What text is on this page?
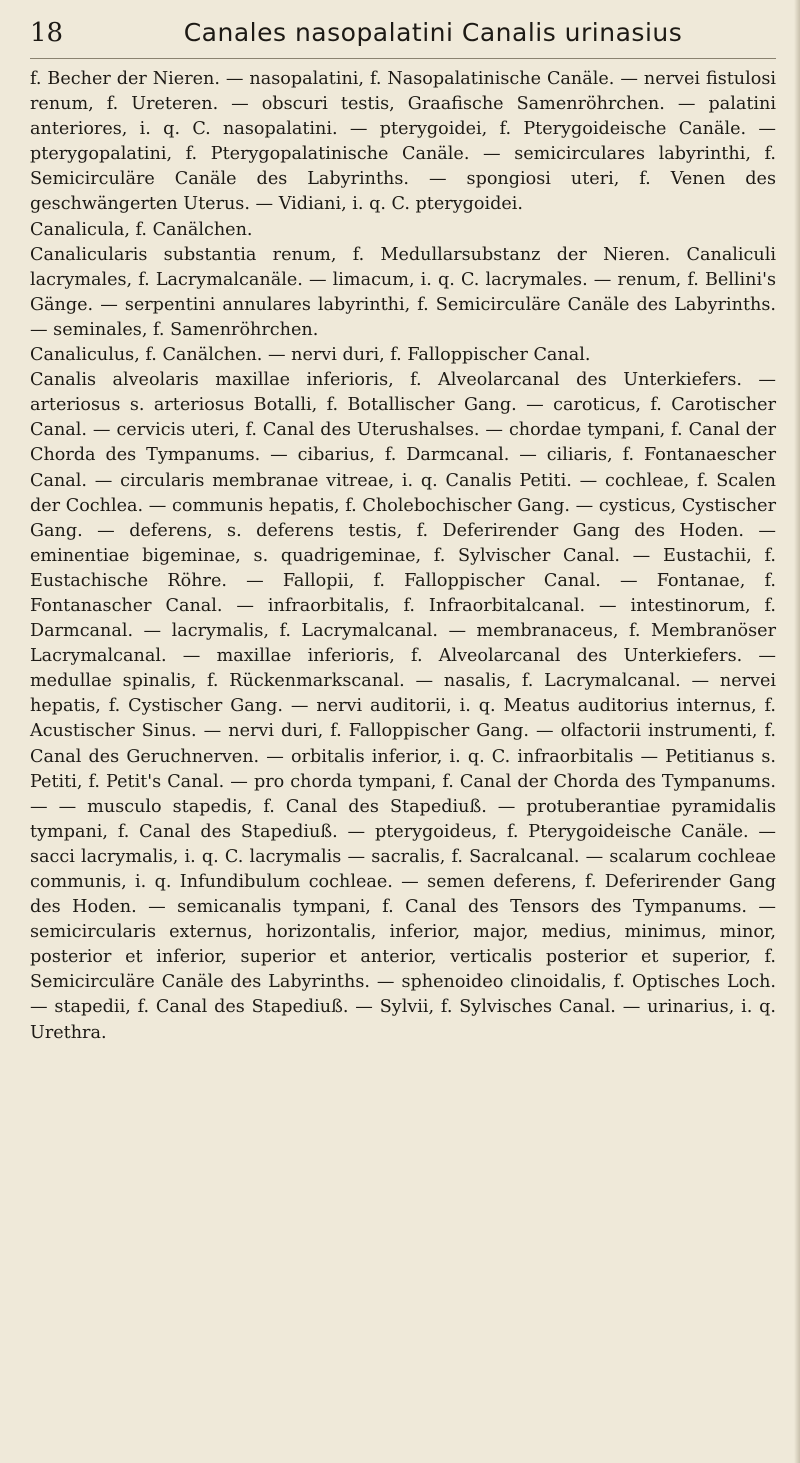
18	Canales nasopalatini Canalis urinasius

f. Becher der Nieren. — nasopalatini, f. Nasopalatinische Canäle. — nervei fistulosi renum, f. Ureteren. — obscuri testis, Graafische Samenröhrchen. — palatini anteriores, i. q. C. nasopalatini. — pterygoidei, f. Pterygoideische Canäle. — pterygopalatini, f. Pterygopalatinische Canäle. — semicirculares labyrinthi, f. Semicirculäre Canäle des Labyrinths. — spongiosi uteri, f. Venen des geschwängerten Uterus. — Vidiani, i. q. C. pterygoidei.

Canalicula, f. Canälchen.

Canalicularis substantia renum, f. Medullarsubstanz der Nieren. Canaliculi lacrymales, f. Lacrymalcanäle. — limacum, i. q. C. lacrymales. — renum, f. Bellini's Gänge. — serpentini annulares labyrinthi, f. Semicirculäre Canäle des Labyrinths. — seminales, f. Samenröhrchen.

Canaliculus, f. Canälchen. — nervi duri, f. Falloppischer Canal.

Canalis alveolaris maxillae inferioris, f. Alveolarcanal des Unterkiefers. — arteriosus s. arteriosus Botalli, f. Botallischer Gang. — caroticus, f. Carotischer Canal. — cervicis uteri, f. Canal des Uterushalses. — chordae tympani, f. Canal der Chorda des Tympanums. — cibarius, f. Darmcanal. — ciliaris, f. Fontanaescher Canal. — circularis membranae vitreae, i. q. Canalis Petiti. — cochleae, f. Scalen der Cochlea. — communis hepatis, f. Cholebochischer Gang. — cysticus, Cystischer Gang. — deferens, s. deferens testis, f. Deferirender Gang des Hoden. — eminentiae bigeminae, s. quadrigeminae, f. Sylvischer Canal. — Eustachii, f. Eustachische Röhre. — Fallopii, f. Falloppischer Canal. — Fontanae, f. Fontanascher Canal. — infraorbitalis, f. Infraorbitalcanal. — intestinorum, f. Darmcanal. — lacrymalis, f. Lacrymalcanal. — membranaceus, f. Membranöser Lacrymalcanal. — maxillae inferioris, f. Alveolarcanal des Unterkiefers. — medullae spinalis, f. Rückenmarkscanal. — nasalis, f. Lacrymalcanal. — nervei hepatis, f. Cystischer Gang. — nervi auditorii, i. q. Meatus auditorius internus, f. Acustischer Sinus. — nervi duri, f. Falloppischer Gang. — olfactorii instrumenti, f. Canal des Geruchnerven. — orbitalis inferior, i. q. C. infraorbitalis — Petitianus s. Petiti, f. Petit's Canal. — pro chorda tympani, f. Canal der Chorda des Tympanums. — — musculo stapedis, f. Canal des Stapediuß. — protuberantiae pyramidalis tympani, f. Canal des Stapediuß. — pterygoideus, f. Pterygoideische Canäle. — sacci lacrymalis, i. q. C. lacrymalis — sacralis, f. Sacralcanal. — scalarum cochleae communis, i. q. Infundibulum cochleae. — semen deferens, f. Deferirender Gang des Hoden. — semicanalis tympani, f. Canal des Tensors des Tympanums. — semicircularis externus, horizontalis, inferior, major, medius, minimus, minor, posterior et inferior, superior et anterior, verticalis posterior et superior, f. Semicirculäre Canäle des Labyrinths. — sphenoideo clinoidalis, f. Optisches Loch. — stapedii, f. Canal des Stapediuß. — Sylvii, f. Sylvisches Canal. — urinarius, i. q. Urethra.
